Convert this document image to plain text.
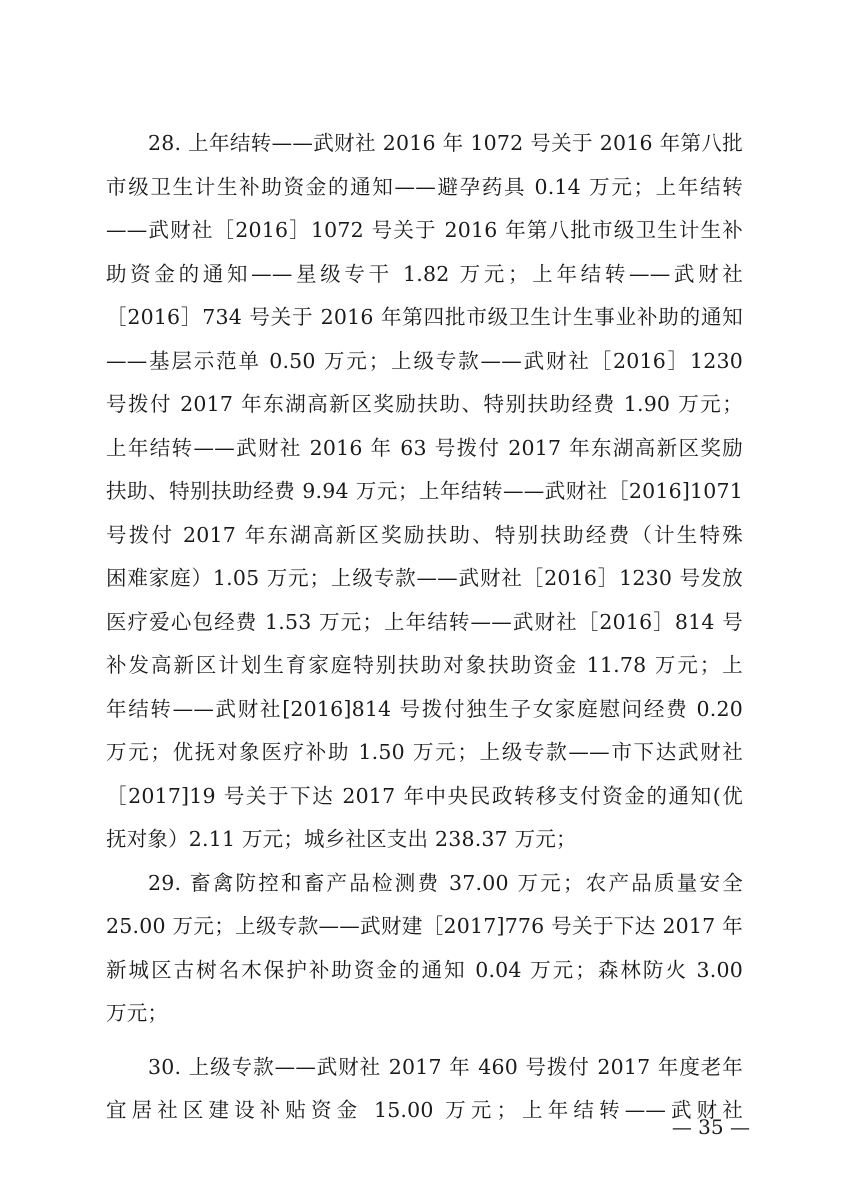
28. 上年结转——武财社 2016 年 1072 号关于 2016 年第八批
市级卫生计生补助资金的通知——避孕药具 0.14 万元；上年结转
——武财社［2016］1072 号关于 2016 年第八批市级卫生计生补
助资金的通知——星级专干 1.82 万元；上年结转——武财社
［2016］734 号关于 2016 年第四批市级卫生计生事业补助的通知
——基层示范单 0.50 万元；上级专款——武财社［2016］1230
号拨付 2017 年东湖高新区奖励扶助、特别扶助经费 1.90 万元；
上年结转——武财社 2016 年 63 号拨付 2017 年东湖高新区奖励
扶助、特别扶助经费 9.94 万元；上年结转——武财社［2016]1071
号拨付 2017 年东湖高新区奖励扶助、特别扶助经费（计生特殊
困难家庭）1.05 万元；上级专款——武财社［2016］1230 号发放
医疗爱心包经费 1.53 万元；上年结转——武财社［2016］814 号
补发高新区计划生育家庭特别扶助对象扶助资金 11.78 万元；上
年结转——武财社[2016]814 号拨付独生子女家庭慰问经费 0.20
万元；优抚对象医疗补助 1.50 万元；上级专款——市下达武财社
［2017]19 号关于下达 2017 年中央民政转移支付资金的通知(优
抚对象）2.11 万元；城乡社区支出 238.37 万元；
29. 畜禽防控和畜产品检测费 37.00 万元；农产品质量安全
25.00 万元；上级专款——武财建［2017]776 号关于下达 2017 年
新城区古树名木保护补助资金的通知 0.04 万元；森林防火 3.00
万元；
30. 上级专款——武财社 2017 年 460 号拨付 2017 年度老年
宜居社区建设补贴资金 15.00 万元；上年结转——武财社
— 35 —
